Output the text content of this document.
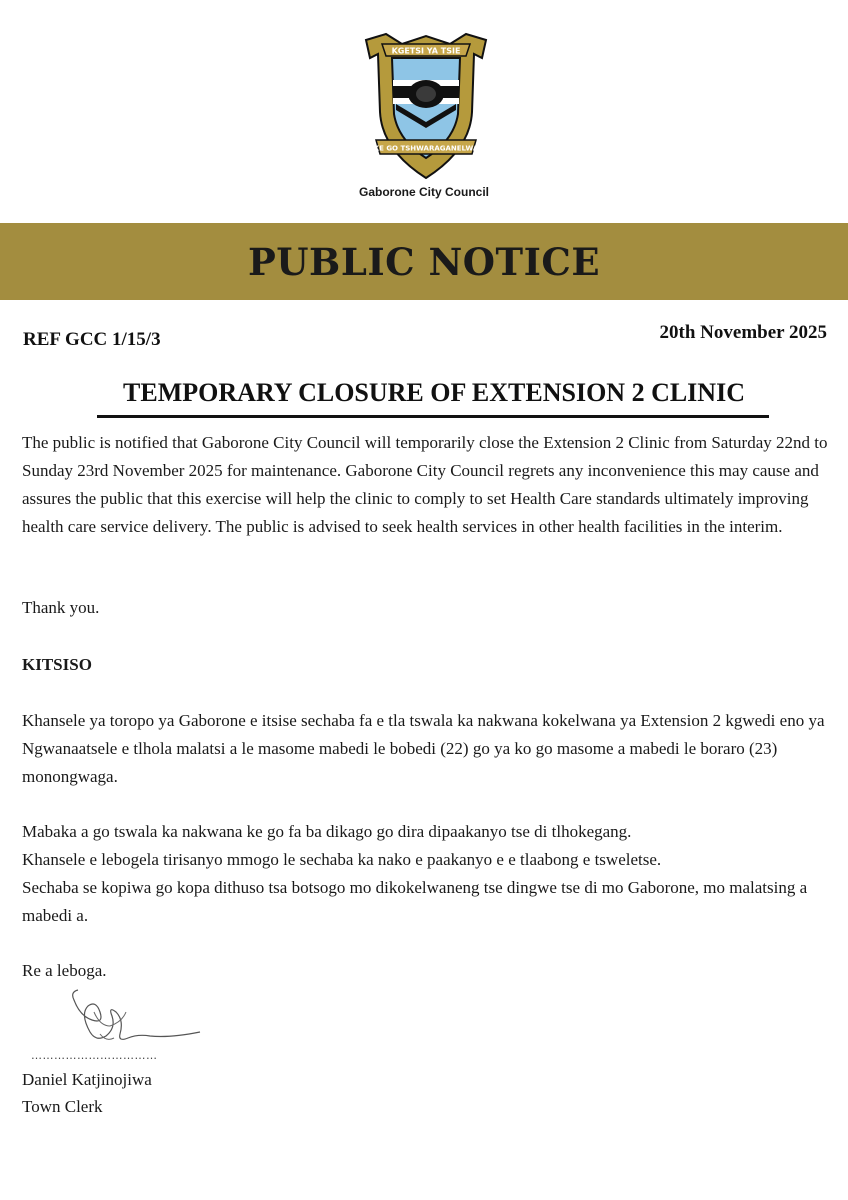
KGETSI YA TSIE
KE GO TSHWARAGANELWA
Gaborone City Council
PUBLIC NOTICE
REF GCC 1/15/3	20th November 2025
TEMPORARY CLOSURE OF EXTENSION 2 CLINIC
The public is notified that Gaborone City Council will temporarily close the Extension 2 Clinic from Saturday 22nd to Sunday 23rd November 2025 for maintenance. Gaborone City Council regrets any inconvenience this may cause and assures the public that this exercise will help the clinic to comply to set Health Care standards ultimately improving health care service delivery. The public is advised to seek health services in other health facilities in the interim.
Thank you.
KITSISO
Khansele ya toropo ya Gaborone e itsise sechaba fa e tla tswala ka nakwana kokelwana ya Extension 2 kgwedi eno ya Ngwanaatsele e tlhola malatsi a le masome mabedi le bobedi (22) go ya ko go masome a mabedi le boraro (23) monongwaga.
Mabaka a go tswala ka nakwana ke go fa ba dikago go dira dipaakanyo tse di tlhokegang.
Khansele e lebogela tirisanyo mmogo le sechaba ka nako e paakanyo e e tlaabong e tsweletse.
Sechaba se kopiwa go kopa dithuso tsa botsogo mo dikokelwaneng tse dingwe tse di mo Gaborone, mo malatsing a mabedi a.
Re a leboga.
……………………………
Daniel Katjinojiwa
Town Clerk
